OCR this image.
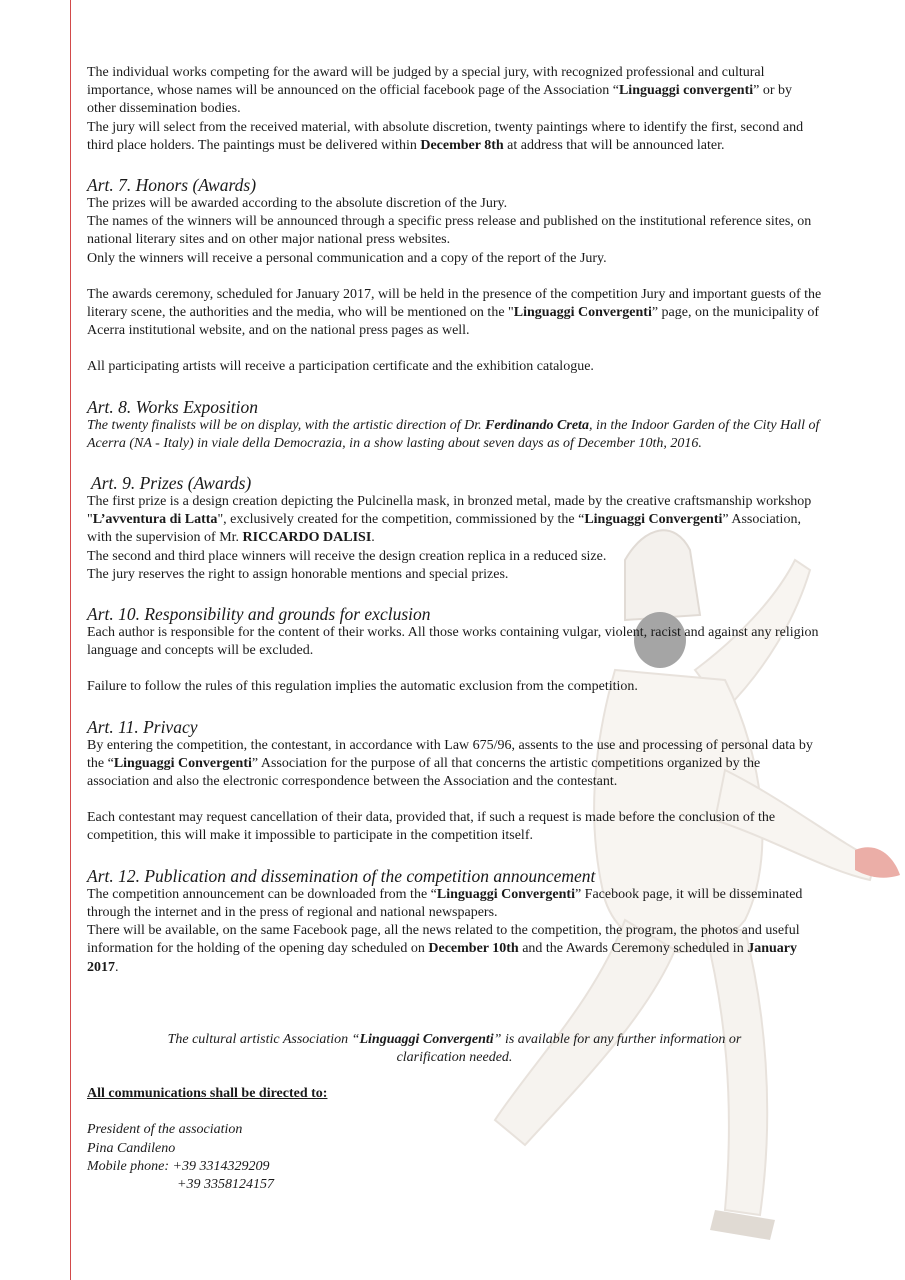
The individual works competing for the award will be judged by a special jury, with recognized professional and cultural importance, whose names will be announced on the official facebook page of the Association “Linguaggi convergenti” or by other dissemination bodies.

The jury will select from the received material, with absolute discretion, twenty paintings where to identify the first, second and third place holders. The paintings must be delivered within December 8th at address that will be announced later.

Art. 7. Honors (Awards)

The prizes will be awarded according to the absolute discretion of the Jury.

The names of the winners will be announced through a specific press release and published on the institutional reference sites, on national literary sites and on other major national press websites.

Only the winners will receive a personal communication and a copy of the report of the Jury.

The awards ceremony, scheduled for January 2017, will be held in the presence of the competition Jury and important guests of the literary scene, the authorities and the media, who will be mentioned on the "Linguaggi Convergenti” page, on the municipality of Acerra institutional website, and on the national press pages as well.

All participating artists will receive a participation certificate and the exhibition catalogue.

Art. 8. Works Exposition

The twenty finalists will be on display, with the artistic direction of Dr. Ferdinando Creta, in the Indoor Garden of the City Hall of Acerra (NA - Italy) in viale della Democrazia, in a show lasting about seven days as of December 10th, 2016.

Art. 9. Prizes (Awards)

The first prize is a design creation depicting the Pulcinella mask, in bronzed metal, made by the creative craftsmanship workshop "L’avventura di Latta", exclusively created for the competition, commissioned by the “Linguaggi Convergenti” Association, with the supervision of Mr. RICCARDO DALISI.

The second and third place winners will receive the design creation replica in a reduced size.

The jury reserves the right to assign honorable mentions and special prizes.

Art. 10. Responsibility and grounds for exclusion

Each author is responsible for the content of their works. All those works containing vulgar, violent, racist and against any religion language and concepts will be excluded.

Failure to follow the rules of this regulation implies the automatic exclusion from the competition.

Art. 11. Privacy

By entering the competition, the contestant, in accordance with Law 675/96, assents to the use and processing of personal data by the “Linguaggi Convergenti” Association for the purpose of all that concerns the artistic competitions organized by the association and also the electronic correspondence between the Association and the contestant.

Each contestant may request cancellation of their data, provided that, if such a request is made before the conclusion of the competition, this will make it impossible to participate in the competition itself.

Art. 12. Publication and dissemination of the competition announcement

The competition announcement can be downloaded from the “Linguaggi Convergenti” Facebook page, it will be disseminated through the internet and in the press of regional and national newspapers.

There will be available, on the same Facebook page, all the news related to the competition, the program, the photos and useful information for the holding of the opening day scheduled on December 10th and the Awards Ceremony scheduled in January 2017.

The cultural artistic Association “Linguaggi Convergenti” is available for any further information or clarification needed.

All communications shall be directed to:

President of the association

Pina Candileno

Mobile phone: +39 3314329209

+39 3358124157
